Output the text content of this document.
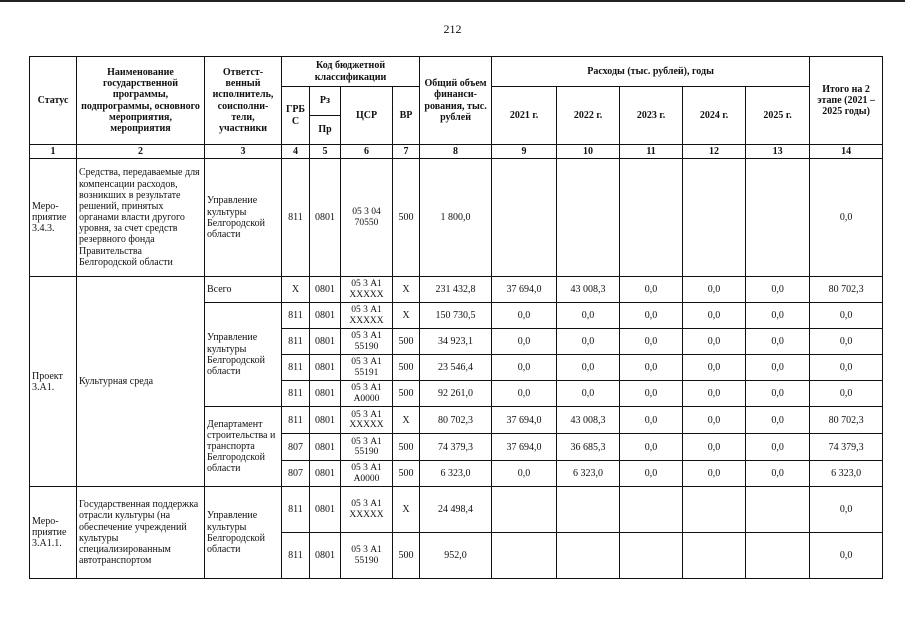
212
Статус	Наименование государственной программы, подпрограммы, основного мероприятия, мероприятия	Ответст-венный исполнитель, соисполни-тели, участники	Код бюджетной классификации				Общий объем финанси-рования, тыс. рублей	Расходы (тыс. рублей), годы					Итого на 2 этапе (2021 – 2025 годы)
			ГРБ С	Рз	ЦСР	ВР		2021 г.	2022 г.	2023 г.	2024 г.	2025 г.	
				Пр									
1	2	3	4	5	6	7	8	9	10	11	12	13	14
Меро-приятие 3.4.3.	Средства, передаваемые для компенсации расходов, возникших в результате решений, принятых органами власти другого уровня, за счет средств резервного фонда Правительства Белгородской области	Управление культуры Белгородской области	811	0801	05 3 04 70550	500	1 800,0						0,0
Проект 3.А1.	Культурная среда	Всего	X	0801	05 3 А1 XXXXX	X	231 432,8	37 694,0	43 008,3	0,0	0,0	0,0	80 702,3
		Управление культуры Белгородской области	811	0801	05 3 А1 XXXXX	X	150 730,5	0,0	0,0	0,0	0,0	0,0	0,0
			811	0801	05 3 А1 55190	500	34 923,1	0,0	0,0	0,0	0,0	0,0	0,0
			811	0801	05 3 А1 55191	500	23 546,4	0,0	0,0	0,0	0,0	0,0	0,0
			811	0801	05 3 А1 А0000	500	92 261,0	0,0	0,0	0,0	0,0	0,0	0,0
		Департамент строительства и транспорта Белгородской области	811	0801	05 3 А1 XXXXX	X	80 702,3	37 694,0	43 008,3	0,0	0,0	0,0	80 702,3
			807	0801	05 3 А1 55190	500	74 379,3	37 694,0	36 685,3	0,0	0,0	0,0	74 379,3
			807	0801	05 3 А1 А0000	500	6 323,0	0,0	6 323,0	0,0	0,0	0,0	6 323,0
Меро-приятие 3.А1.1.	Государственная поддержка отрасли культуры (на обеспечение учреждений культуры специализированным автотранспортом	Управление культуры Белгородской области	811	0801	05 3 А1 XXXXX	X	24 498,4						0,0
			811	0801	05 3 А1 55190	500	952,0						0,0
